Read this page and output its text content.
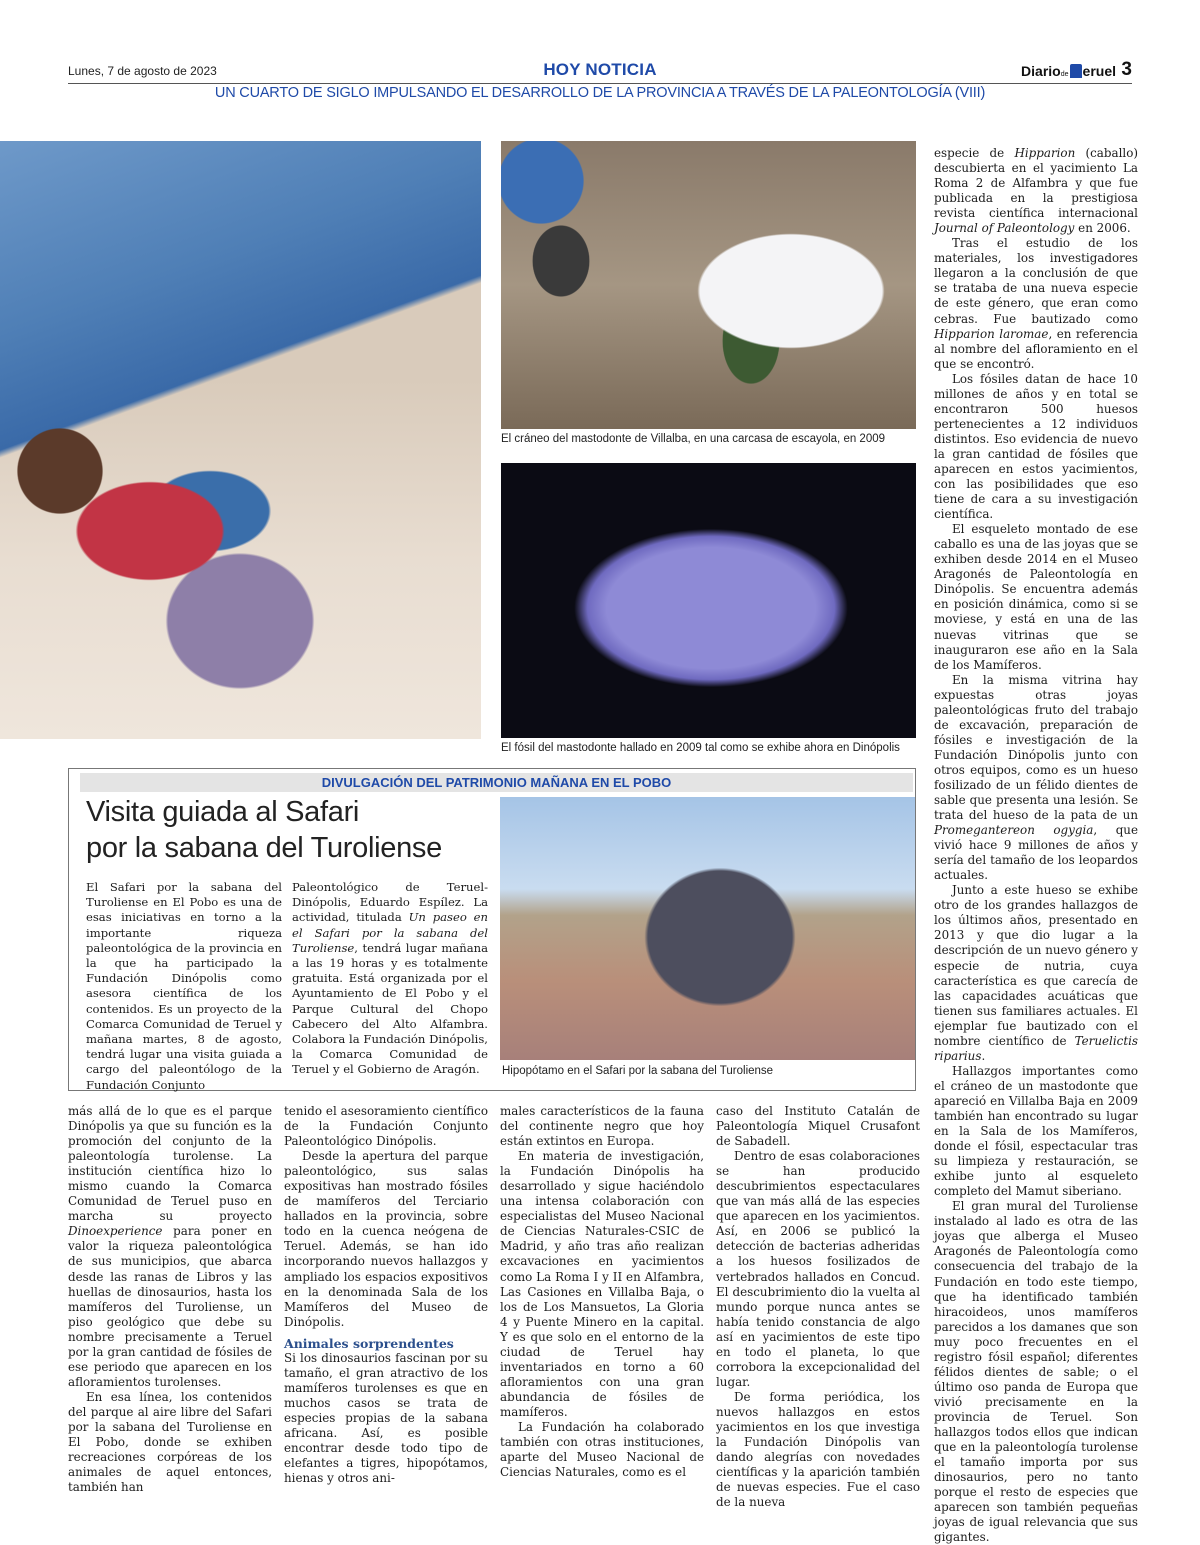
Lunes, 7 de agosto de 2023	HOY NOTICIA	Diariode eruel 3
UN CUARTO DE SIGLO IMPULSANDO EL DESARROLLO DE LA PROVINCIA A TRAVÉS DE LA PALEONTOLOGÍA (VIII)
El cráneo del mastodonte de Villalba, en una carcasa de escayola, en 2009
El fósil del mastodonte hallado en 2009 tal como se exhibe ahora en Dinópolis
DIVULGACIÓN DEL PATRIMONIO MAÑANA EN EL POBO
Visita guiada al Safari
por la sabana del Turoliense
El Safari por la sabana del Turoliense en El Pobo es una de esas iniciativas en torno a la importante riqueza paleontológica de la provincia en la que ha participado la Fundación Dinópolis como asesora científica de los contenidos. Es un proyecto de la Comarca Comunidad de Teruel y mañana martes, 8 de agosto, tendrá lugar una visita guiada a cargo del paleontólogo de la Fundación Conjunto
Paleontológico de Teruel-Dinópolis, Eduardo Espílez. La actividad, titulada Un paseo en el Safari por la sabana del Turoliense, tendrá lugar mañana a las 19 horas y es totalmente gratuita. Está organizada por el Ayuntamiento de El Pobo y el Parque Cultural del Chopo Cabecero del Alto Alfambra. Colabora la Fundación Dinópolis, la Comarca Comunidad de Teruel y el Gobierno de Aragón.	Hipopótamo en el Safari por la sabana del Turoliense

más allá de lo que es el parque Dinópolis ya que su función es la promoción del conjunto de la paleontología turolense. La institución científica hizo lo mismo cuando la Comarca Comunidad de Teruel puso en marcha su proyecto Dinoexperience para poner en valor la riqueza paleontológica de sus municipios, que abarca desde las ranas de Libros y las huellas de dinosaurios, hasta los mamíferos del Turoliense, un piso geológico que debe su nombre precisamente a Teruel por la gran cantidad de fósiles de ese periodo que aparecen en los afloramientos turolenses.

En esa línea, los contenidos del parque al aire libre del Safari por la sabana del Turoliense en El Pobo, donde se exhiben recreaciones corpóreas de los animales de aquel entonces, también han

tenido el asesoramiento científico de la Fundación Conjunto Paleontológico Dinópolis.

Desde la apertura del parque paleontológico, sus salas expositivas han mostrado fósiles de mamíferos del Terciario hallados en la provincia, sobre todo en la cuenca neógena de Teruel. Además, se han ido incorporando nuevos hallazgos y ampliado los espacios expositivos en la denominada Sala de los Mamíferos del Museo de Dinópolis.

Animales sorprendentes

Si los dinosaurios fascinan por su tamaño, el gran atractivo de los mamíferos turolenses es que en muchos casos se trata de especies propias de la sabana africana. Así, es posible encontrar desde todo tipo de elefantes a tigres, hipopótamos, hienas y otros ani-

males característicos de la fauna del continente negro que hoy están extintos en Europa.

En materia de investigación, la Fundación Dinópolis ha desarrollado y sigue haciéndolo una intensa colaboración con especialistas del Museo Nacional de Ciencias Naturales-CSIC de Madrid, y año tras año realizan excavaciones en yacimientos como La Roma I y II en Alfambra, Las Casiones en Villalba Baja, o los de Los Mansuetos, La Gloria 4 y Puente Minero en la capital. Y es que solo en el entorno de la ciudad de Teruel hay inventariados en torno a 60 afloramientos con una gran abundancia de fósiles de mamíferos.

La Fundación ha colaborado también con otras instituciones, aparte del Museo Nacional de Ciencias Naturales, como es el

caso del Instituto Catalán de Paleontología Miquel Crusafont de Sabadell.

Dentro de esas colaboraciones se han producido descubrimientos espectaculares que van más allá de las especies que aparecen en los yacimientos. Así, en 2006 se publicó la detección de bacterias adheridas a los huesos fosilizados de vertebrados hallados en Concud. El descubrimiento dio la vuelta al mundo porque nunca antes se había tenido constancia de algo así en yacimientos de este tipo en todo el planeta, lo que corrobora la excepcionalidad del lugar.

De forma periódica, los nuevos hallazgos en estos yacimientos en los que investiga la Fundación Dinópolis van dando alegrías con novedades científicas y la aparición también de nuevas especies. Fue el caso de la nueva

especie de Hipparion (caballo) descubierta en el yacimiento La Roma 2 de Alfambra y que fue publicada en la prestigiosa revista científica internacional Journal of Paleontology en 2006.

Tras el estudio de los materiales, los investigadores llegaron a la conclusión de que se trataba de una nueva especie de este género, que eran como cebras. Fue bautizado como Hipparion laromae, en referencia al nombre del afloramiento en el que se encontró.

Los fósiles datan de hace 10 millones de años y en total se encontraron 500 huesos pertenecientes a 12 individuos distintos. Eso evidencia de nuevo la gran cantidad de fósiles que aparecen en estos yacimientos, con las posibilidades que eso tiene de cara a su investigación científica.

El esqueleto montado de ese caballo es una de las joyas que se exhiben desde 2014 en el Museo Aragonés de Paleontología en Dinópolis. Se encuentra además en posición dinámica, como si se moviese, y está en una de las nuevas vitrinas que se inauguraron ese año en la Sala de los Mamíferos.

En la misma vitrina hay expuestas otras joyas paleontológicas fruto del trabajo de excavación, preparación de fósiles e investigación de la Fundación Dinópolis junto con otros equipos, como es un hueso fosilizado de un félido dientes de sable que presenta una lesión. Se trata del hueso de la pata de un Promegantereon ogygia, que vivió hace 9 millones de años y sería del tamaño de los leopardos actuales.

Junto a este hueso se exhibe otro de los grandes hallazgos de los últimos años, presentado en 2013 y que dio lugar a la descripción de un nuevo género y especie de nutria, cuya característica es que carecía de las capacidades acuáticas que tienen sus familiares actuales. El ejemplar fue bautizado con el nombre científico de Teruelictis riparius.

Hallazgos importantes como el cráneo de un mastodonte que apareció en Villalba Baja en 2009 también han encontrado su lugar en la Sala de los Mamíferos, donde el fósil, espectacular tras su limpieza y restauración, se exhibe junto al esqueleto completo del Mamut siberiano.

El gran mural del Turoliense instalado al lado es otra de las joyas que alberga el Museo Aragonés de Paleontología como consecuencia del trabajo de la Fundación en todo este tiempo, que ha identificado también hiracoideos, unos mamíferos parecidos a los damanes que son muy poco frecuentes en el registro fósil español; diferentes félidos dientes de sable; o el último oso panda de Europa que vivió precisamente en la provincia de Teruel. Son hallazgos todos ellos que indican que en la paleontología turolense el tamaño importa por sus dinosaurios, pero no tanto porque el resto de especies que aparecen son también pequeñas joyas de igual relevancia que sus gigantes.
